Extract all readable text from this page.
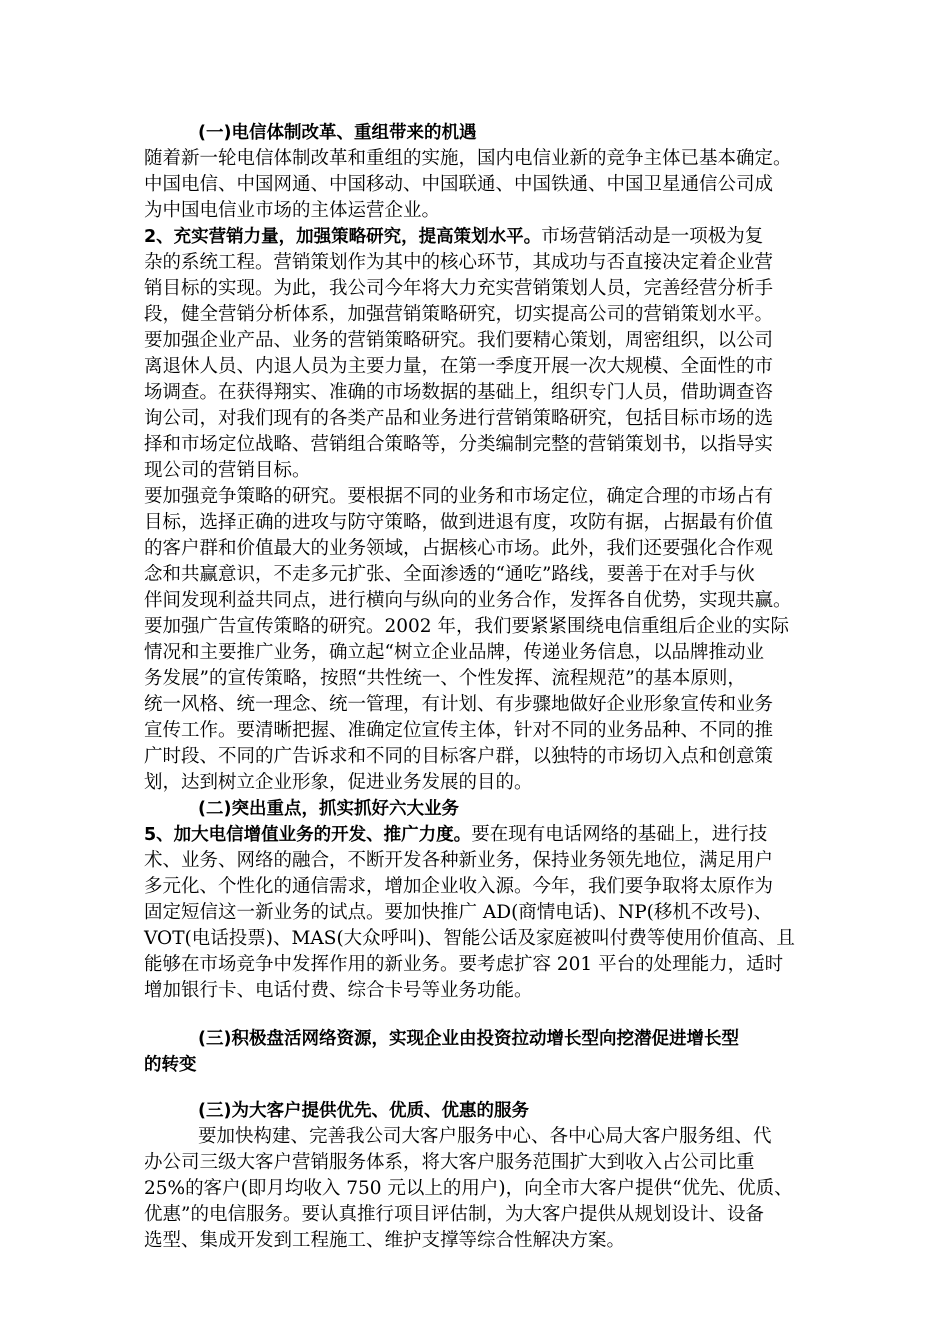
(一)电信体制改革、重组带来的机遇
随着新一轮电信体制改革和重组的实施，国内电信业新的竞争主体已基本确定。
中国电信、中国网通、中国移动、中国联通、中国铁通、中国卫星通信公司成
为中国电信业市场的主体运营企业。
2、充实营销力量，加强策略研究，提高策划水平。市场营销活动是一项极为复
杂的系统工程。营销策划作为其中的核心环节，其成功与否直接决定着企业营
销目标的实现。为此，我公司今年将大力充实营销策划人员，完善经营分析手
段，健全营销分析体系，加强营销策略研究，切实提高公司的营销策划水平。
要加强企业产品、业务的营销策略研究。我们要精心策划，周密组织，以公司
离退休人员、内退人员为主要力量，在第一季度开展一次大规模、全面性的市
场调查。在获得翔实、准确的市场数据的基础上，组织专门人员，借助调查咨
询公司，对我们现有的各类产品和业务进行营销策略研究，包括目标市场的选
择和市场定位战略、营销组合策略等，分类编制完整的营销策划书，以指导实
现公司的营销目标。
要加强竞争策略的研究。要根据不同的业务和市场定位，确定合理的市场占有
目标，选择正确的进攻与防守策略，做到进退有度，攻防有据，占据最有价值
的客户群和价值最大的业务领域，占据核心市场。此外，我们还要强化合作观
念和共赢意识，不走多元扩张、全面渗透的“通吃”路线，要善于在对手与伙
伴间发现利益共同点，进行横向与纵向的业务合作，发挥各自优势，实现共赢。
要加强广告宣传策略的研究。2002 年，我们要紧紧围绕电信重组后企业的实际
情况和主要推广业务，确立起“树立企业品牌，传递业务信息，以品牌推动业
务发展”的宣传策略，按照“共性统一、个性发挥、流程规范”的基本原则，
统一风格、统一理念、统一管理，有计划、有步骤地做好企业形象宣传和业务
宣传工作。要清晰把握、准确定位宣传主体，针对不同的业务品种、不同的推
广时段、不同的广告诉求和不同的目标客户群，以独特的市场切入点和创意策
划，达到树立企业形象，促进业务发展的目的。
(二)突出重点，抓实抓好六大业务
5、加大电信增值业务的开发、推广力度。要在现有电话网络的基础上，进行技
术、业务、网络的融合，不断开发各种新业务，保持业务领先地位，满足用户
多元化、个性化的通信需求，增加企业收入源。今年，我们要争取将太原作为
固定短信这一新业务的试点。要加快推广 AD(商情电话)、NP(移机不改号)、
VOT(电话投票)、MAS(大众呼叫)、智能公话及家庭被叫付费等使用价值高、且
能够在市场竞争中发挥作用的新业务。要考虑扩容 201 平台的处理能力，适时
增加银行卡、电话付费、综合卡号等业务功能。
(三)积极盘活网络资源，实现企业由投资拉动增长型向挖潜促进增长型
的转变
(三)为大客户提供优先、优质、优惠的服务
要加快构建、完善我公司大客户服务中心、各中心局大客户服务组、代
办公司三级大客户营销服务体系，将大客户服务范围扩大到收入占公司比重
25%的客户(即月均收入 750 元以上的用户)，向全市大客户提供“优先、优质、
优惠”的电信服务。要认真推行项目评估制，为大客户提供从规划设计、设备
选型、集成开发到工程施工、维护支撑等综合性解决方案。
